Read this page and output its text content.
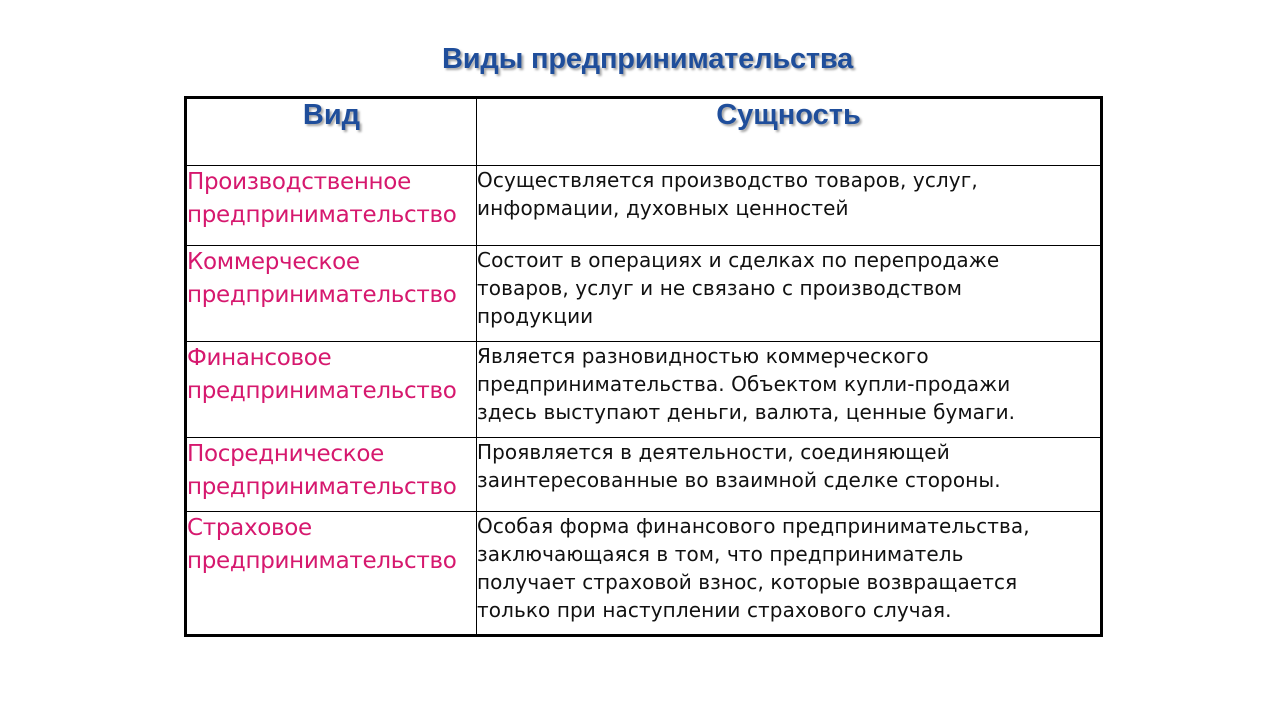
Виды предпринимательства
Вид	Сущность

Производственное
предпринимательство	Осуществляется производство товаров, услуг,
информации, духовных ценностей

Коммерческое
предпринимательство	Состоит в операциях и сделках по перепродаже
товаров, услуг и не связано с производством
продукции

Финансовое
предпринимательство	Является разновидностью коммерческого
предпринимательства. Объектом купли-продажи
здесь выступают деньги, валюта, ценные бумаги.

Посредническое
предпринимательство	Проявляется в деятельности, соединяющей
заинтересованные во взаимной сделке стороны.

Страховое
предпринимательство	Особая форма финансового предпринимательства,
заключающаяся в том, что предприниматель
получает страховой взнос, которые возвращается
только при наступлении страхового случая.
